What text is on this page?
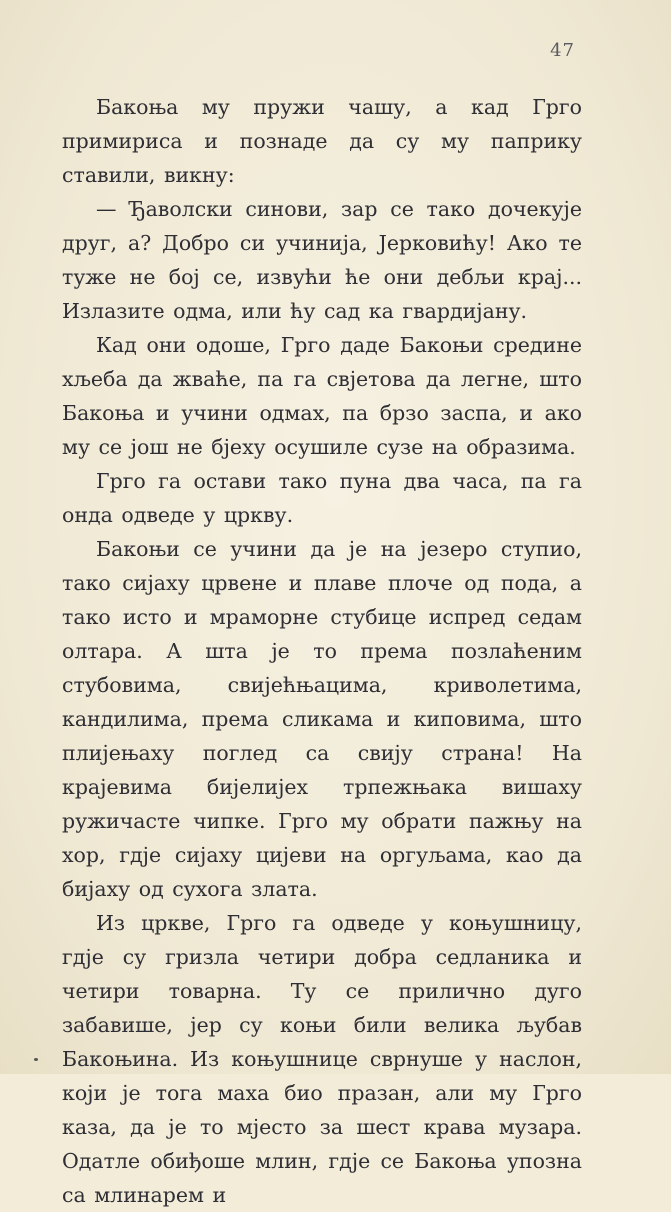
47

Бакоња му пружи чашу, а кад Грго примириса и познаде да су му паприку ставили, викну:

— Ђаволски синови, зар се тако дочекује друг, а? Добро си учинија, Јерковићу! Ако те туже не бој се, извући ће они дебљи крај... Излазите одма, или ћу сад ка гвардијану.

Кад они одоше, Грго даде Бакоњи средине хљеба да жваће, па га свјетова да легне, што Бакоња и учини одмах, па брзо заспа, и ако му се још не бјеху осушиле сузе на образима.

Грго га остави тако пуна два часа, па га онда одведе у цркву.

Бакоњи се учини да је на језеро ступио, тако сијаху црвене и плаве плоче од пода, а тако исто и мраморне стубице испред седам олтара. А шта је то према позлаћеним стубовима, свијећњацима, криволетима, кандилима, према сликама и киповима, што плијењаху поглед са свију страна! На крајевима бијелијех трпежњака вишаху ружичасте чипке. Грго му обрати пажњу на хор, гдје сијаху цијеви на оргуљама, као да бијаху од сухога злата.

Из цркве, Грго га одведе у коњушницу, гдје су гризла четири добра седланика и четири товарна. Ту се прилично дуго забавише, јер су коњи били велика љубав Бакоњина. Из коњушнице сврнуше у наслон, који је тога маха био празан, али му Грго каза, да је то мјесто за шест крава музара. Одатле обиђоше млин, гдје се Бакоња упозна са млинарем и
